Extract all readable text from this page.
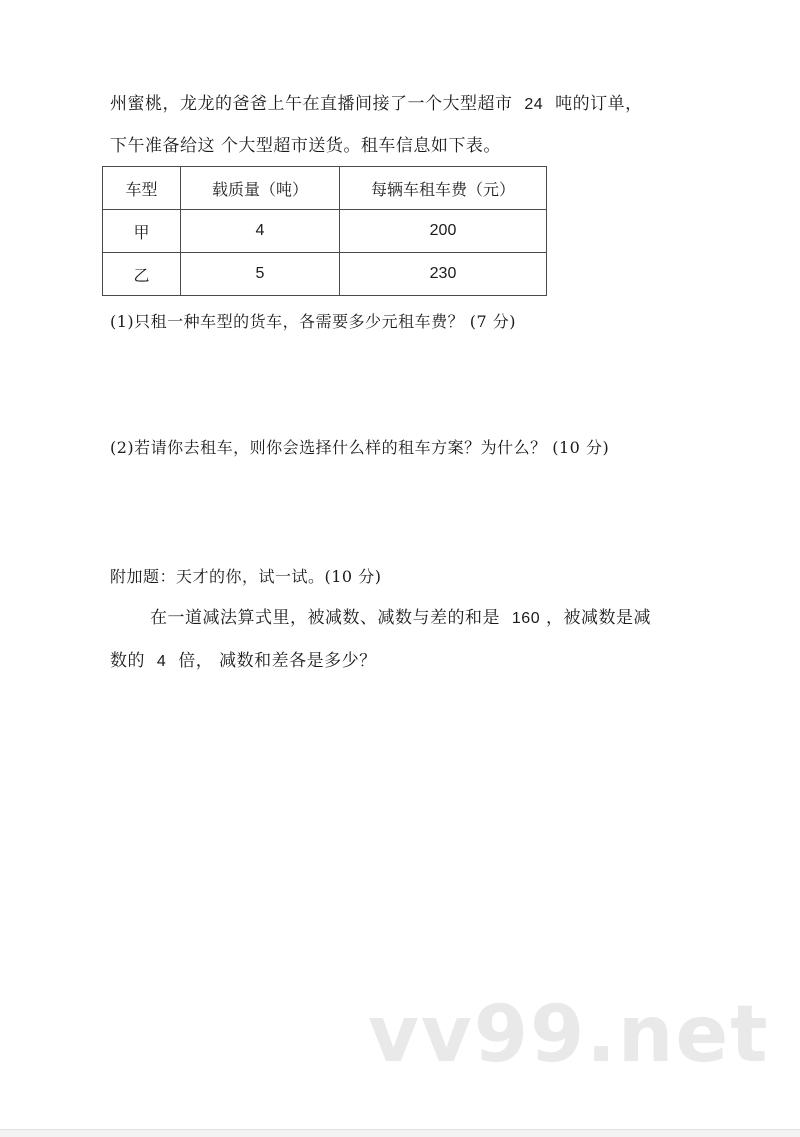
州蜜桃，龙龙的爸爸上午在直播间接了一个大型超市 24 吨的订单，
下午准备给这 个大型超市送货。租车信息如下表。
车型	载质量（吨）	每辆车租车费（元）
甲	4	200
乙	5	230
(1)只租一种车型的货车，各需要多少元租车费？ (7 分)
(2)若请你去租车，则你会选择什么样的租车方案？为什么？ (10 分)
附加题：天才的你，试一试。(10 分)
在一道减法算式里，被减数、减数与差的和是 160 ，被减数是减
数的 4 倍， 减数和差各是多少？
vv99.net
